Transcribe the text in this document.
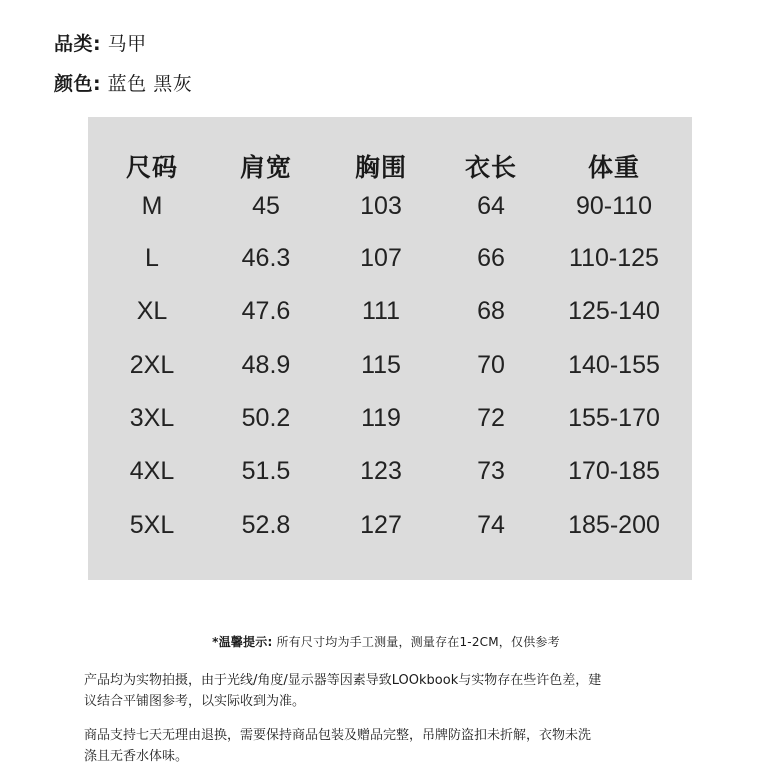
品类: 马甲
颜色: 蓝色 黑灰
尺码	肩宽	胸围	衣长	体重
M	45	103	64	90-110
L	46.3	107	66	110-125
XL	47.6	111	68	125-140
2XL	48.9	115	70	140-155
3XL	50.2	119	72	155-170
4XL	51.5	123	73	170-185
5XL	52.8	127	74	185-200
*温馨提示: 所有尺寸均为手工测量，测量存在1-2CM，仅供参考
产品均为实物拍摄，由于光线/角度/显示器等因素导致LOOkbook与实物存在些许色差，建
议结合平铺图参考，以实际收到为准。
商品支持七天无理由退换，需要保持商品包装及赠品完整，吊牌防盗扣未折解，衣物未洗
涤且无香水体味。
